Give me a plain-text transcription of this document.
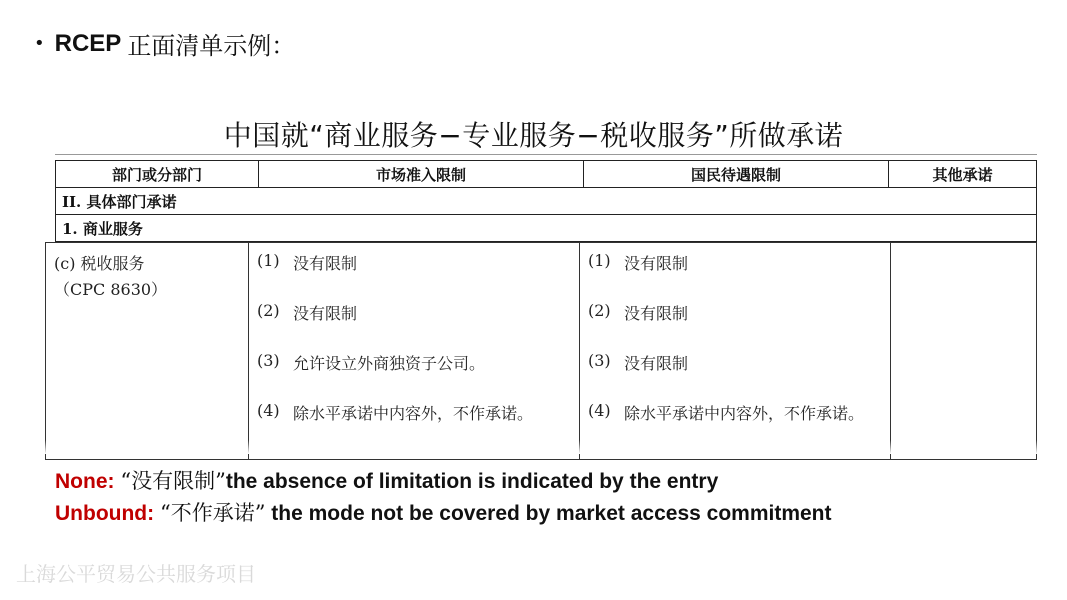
• RCEP 正面清单示例：
中国就“商业服务−专业服务−税收服务”所做承诺
部门或分部门	市场准入限制	国民待遇限制	其他承诺
II. 具体部门承诺
1. 商业服务
(c) 税收服务
（CPC 8630）

(1) 没有限制
(2) 没有限制
(3) 允许设立外商独资子公司。
(4) 除水平承诺中内容外，不作承诺。

(1) 没有限制
(2) 没有限制
(3) 没有限制
(4) 除水平承诺中内容外，不作承诺。

None: “没有限制”the absence of limitation is indicated by the entry
Unbound: “不作承诺” the mode not be covered by market access commitment
上海公平贸易公共服务项目
